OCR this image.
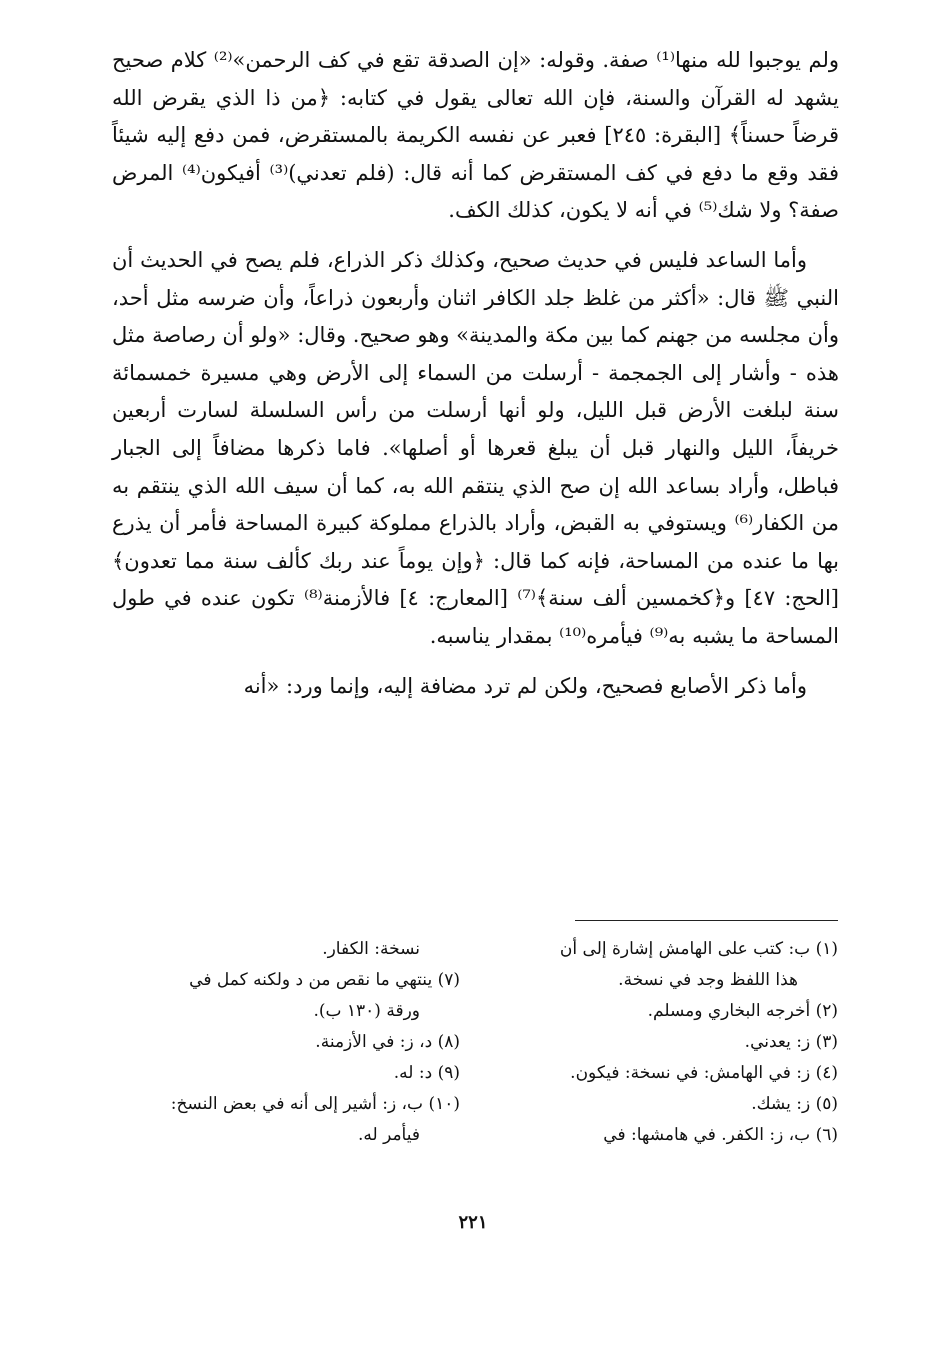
ولم يوجبوا لله منها⁽¹⁾ صفة. وقوله: «إن الصدقة تقع في كف الرحمن»⁽²⁾ كلام صحيح يشهد له القرآن والسنة، فإن الله تعالى يقول في كتابه: ﴿من ذا الذي يقرض الله قرضاً حسناً﴾ [البقرة: ٢٤٥] فعبر عن نفسه الكريمة بالمستقرض، فمن دفع إليه شيئاً فقد وقع ما دفع في كف المستقرض كما أنه قال: (فلم تعدني)⁽³⁾ أفيكون⁽⁴⁾ المرض صفة؟ ولا شك⁽⁵⁾ في أنه لا يكون، كذلك الكف.

وأما الساعد فليس في حديث صحيح، وكذلك ذكر الذراع، فلم يصح في الحديث أن النبي ﷺ قال: «أكثر من غلظ جلد الكافر اثنان وأربعون ذراعاً، وأن ضرسه مثل أحد، وأن مجلسه من جهنم كما بين مكة والمدينة» وهو صحيح. وقال: «ولو أن رصاصة مثل هذه - وأشار إلى الجمجمة - أرسلت من السماء إلى الأرض وهي مسيرة خمسمائة سنة لبلغت الأرض قبل الليل، ولو أنها أرسلت من رأس السلسلة لسارت أربعين خريفاً، الليل والنهار قبل أن يبلغ قعرها أو أصلها». فاما ذكرها مضافاً إلى الجبار فباطل، وأراد بساعد الله إن صح الذي ينتقم الله به، كما أن سيف الله الذي ينتقم به من الكفار⁽⁶⁾ ويستوفي به القبض، وأراد بالذراع مملوكة كبيرة المساحة فأمر أن يذرع بها ما عنده من المساحة، فإنه كما قال: ﴿وإن يوماً عند ربك كألف سنة مما تعدون﴾ [الحج: ٤٧] و﴿كخمسين ألف سنة﴾⁽⁷⁾ [المعارج: ٤] فالأزمنة⁽⁸⁾ تكون عنده في طول المساحة ما يشبه به⁽⁹⁾ فيأمره⁽¹⁰⁾ بمقدار يناسبه.

وأما ذكر الأصابع فصحيح، ولكن لم ترد مضافة إليه، وإنما ورد: «أنه

(١) ب: كتب على الهامش إشارة إلى أن
هذا اللفظ وجد في نسخة.
(٢) أخرجه البخاري ومسلم.
(٣) ز: يعدني.
(٤) ز: في الهامش: في نسخة: فيكون.
(٥) ز: يشك.
(٦) ب، ز: الكفر. في هامشها: في
نسخة: الكفار.
(٧) ينتهي ما نقص من د ولكنه كمل في
ورقة (١٣٠ ب).
(٨) د، ز: في الأزمنة.
(٩) د: له.
(١٠) ب، ز: أشير إلى أنه في بعض النسخ:
فيأمر له.
٢٢١
